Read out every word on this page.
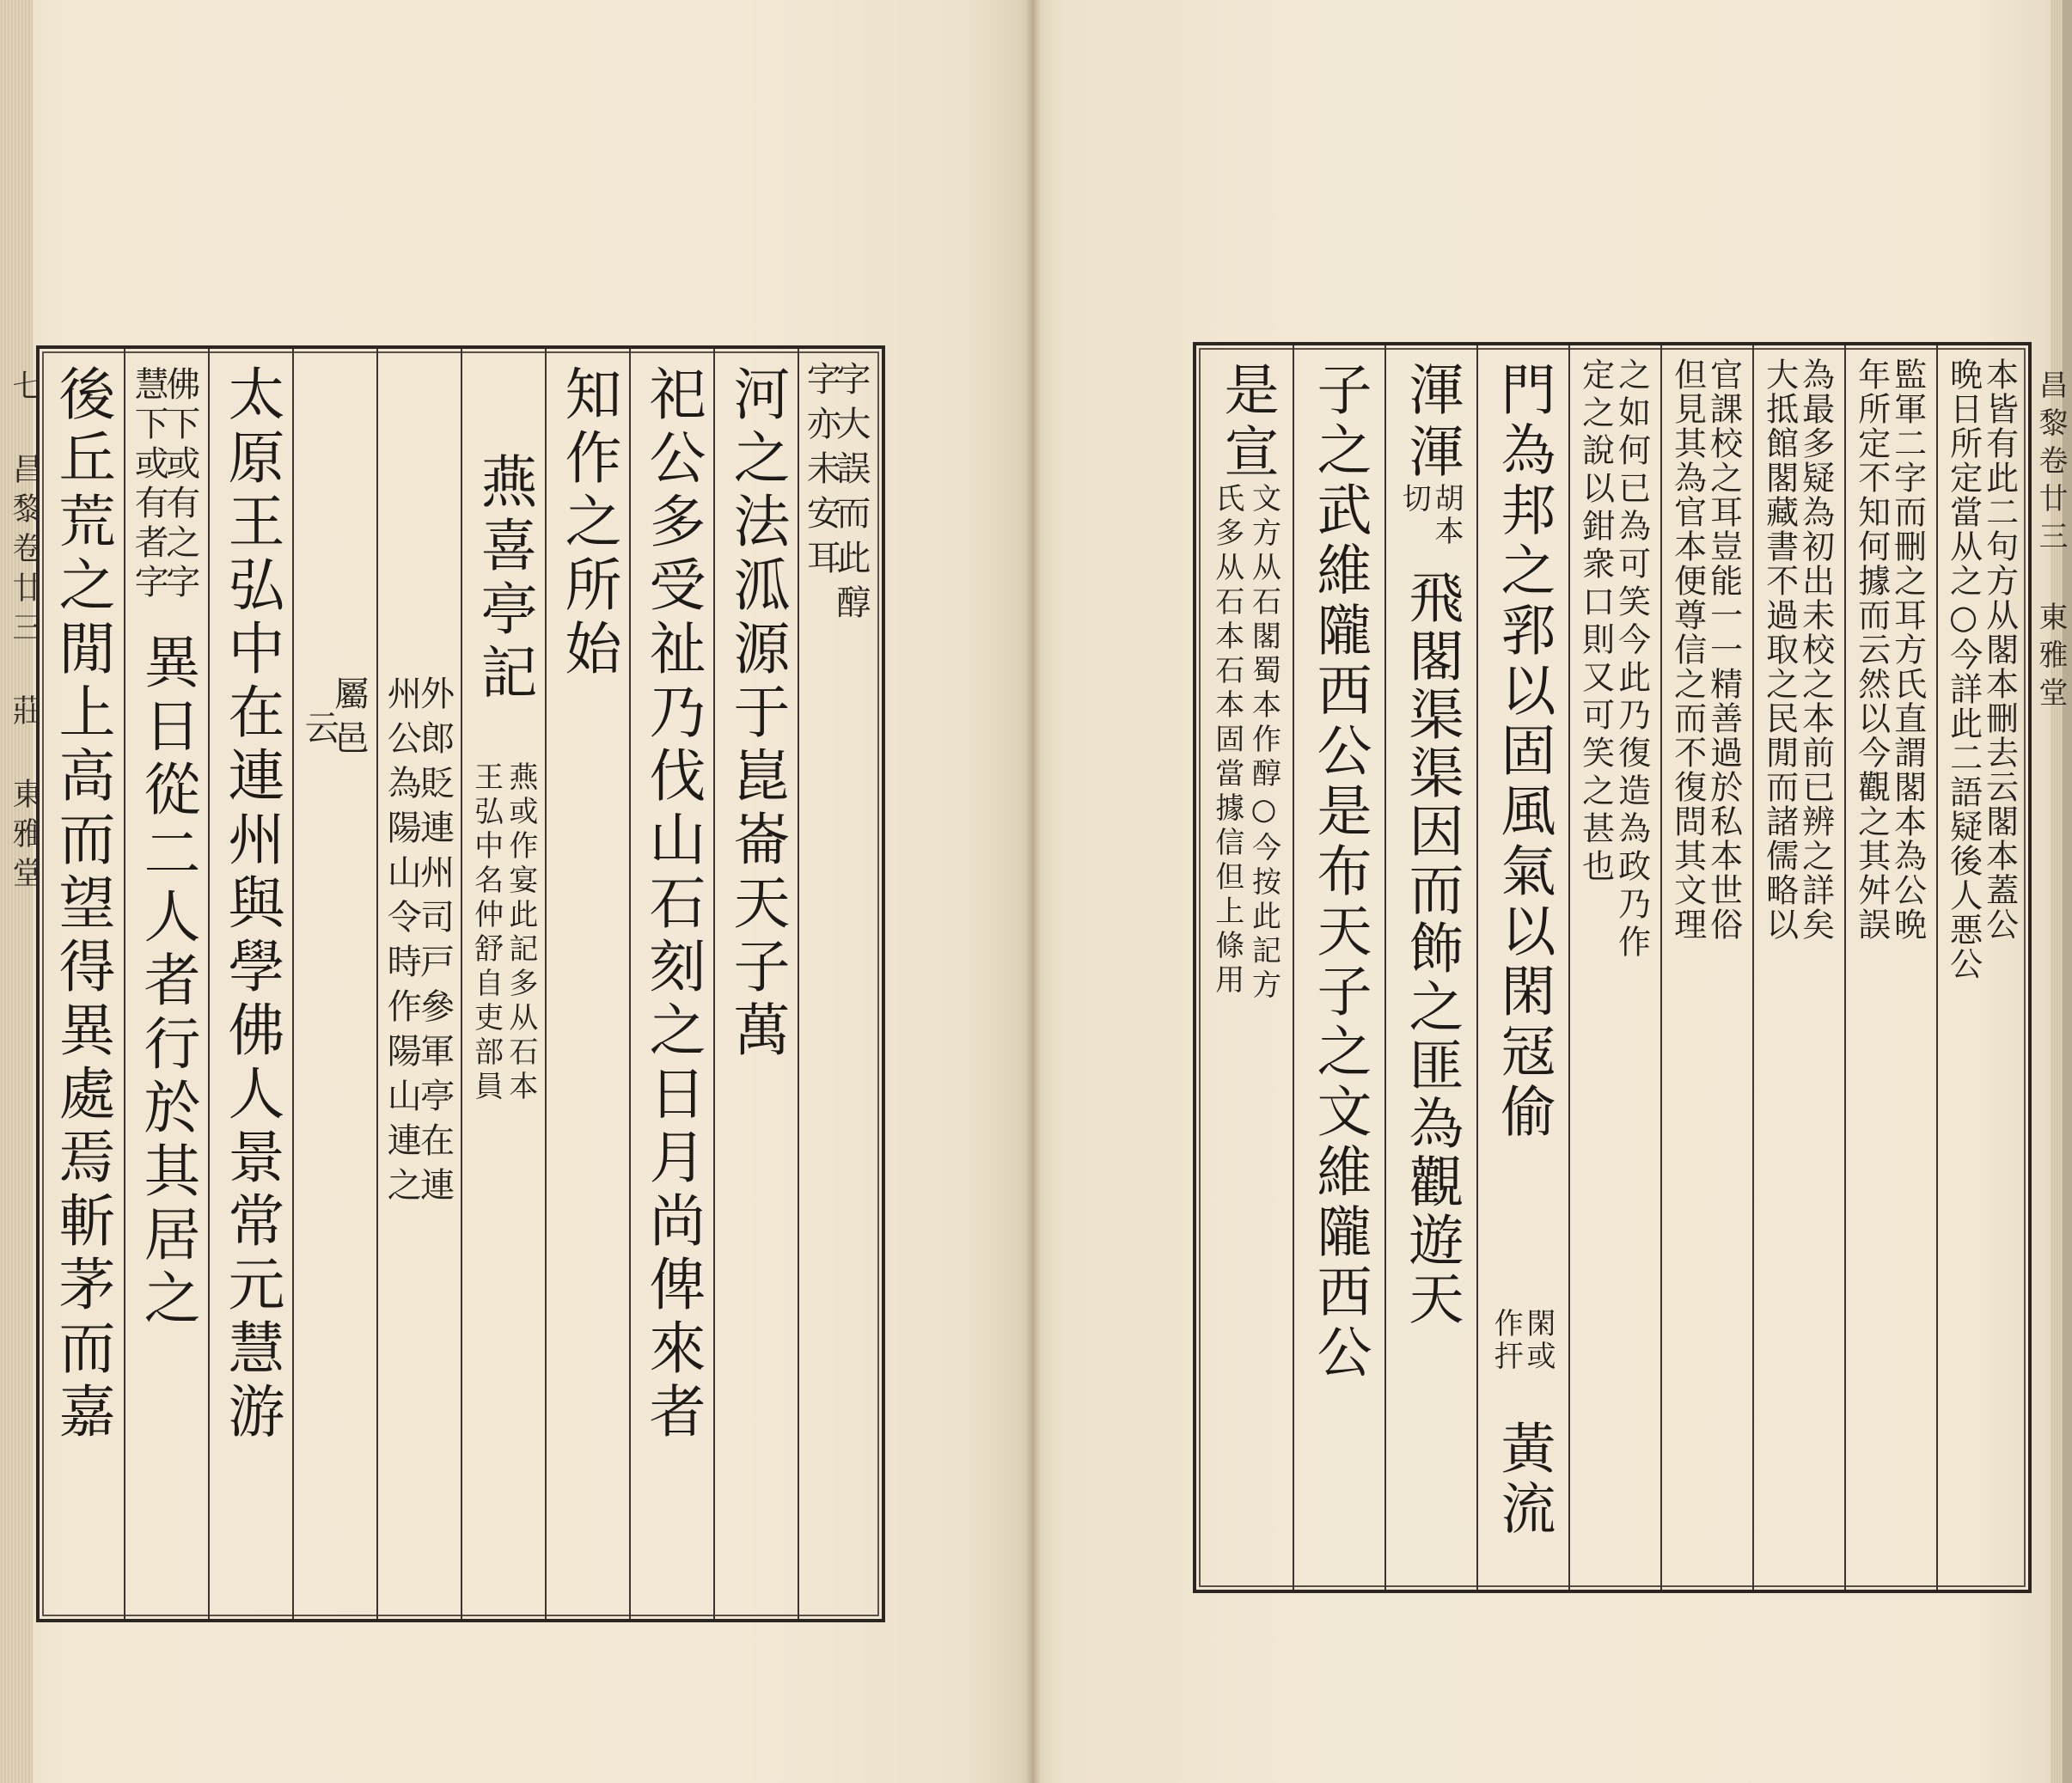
七 昌黎卷廿三 莊 東雅堂	昌黎卷廿三 東雅堂
字大誤而此醇
字亦未安耳
河之法泒源于崑崙天子萬
祀公多受祉乃伐山石刻之日月尚俾來者
知作之所始
燕喜亭記
燕或作宴此記多从石本
王弘中名仲舒自吏部員
外郎貶連州司戸參軍亭在連
州公為陽山令時作陽山連之
屬邑
云
太原王弘中在連州與學佛人景常元慧游
佛下或有之字
慧下或有者字
異日從二人者行於其居之
後丘荒之閒上高而望得異處焉斬茅而嘉	本皆有此二句方从閣本刪去云閣本蓋公
晩日所定當从之○今詳此二語疑後人悪公
監軍二字而刪之耳方氏直謂閣本為公晩
年所定不知何據而云然以今觀之其舛誤
為最多疑為初出未校之本前已辨之詳矣
大抵館閣藏書不過取之民閒而諸儒略以
官課校之耳豈能一一精善過於私本世俗
但見其為官本便尊信之而不復問其文理
之如何已為可笑今此乃復造為政乃作
定之說以鉗衆口則又可笑之甚也
門為邦之郛以固風氣以閑冦偷
閑或
作扞
黃流
渾渾
胡本
切
飛閣渠渠因而飾之匪為觀遊天
子之武維隴西公是布天子之文維隴西公
是宣
文方从石閣蜀本作醇○今按此記方
氏多从石本石本固當據信但上條用
